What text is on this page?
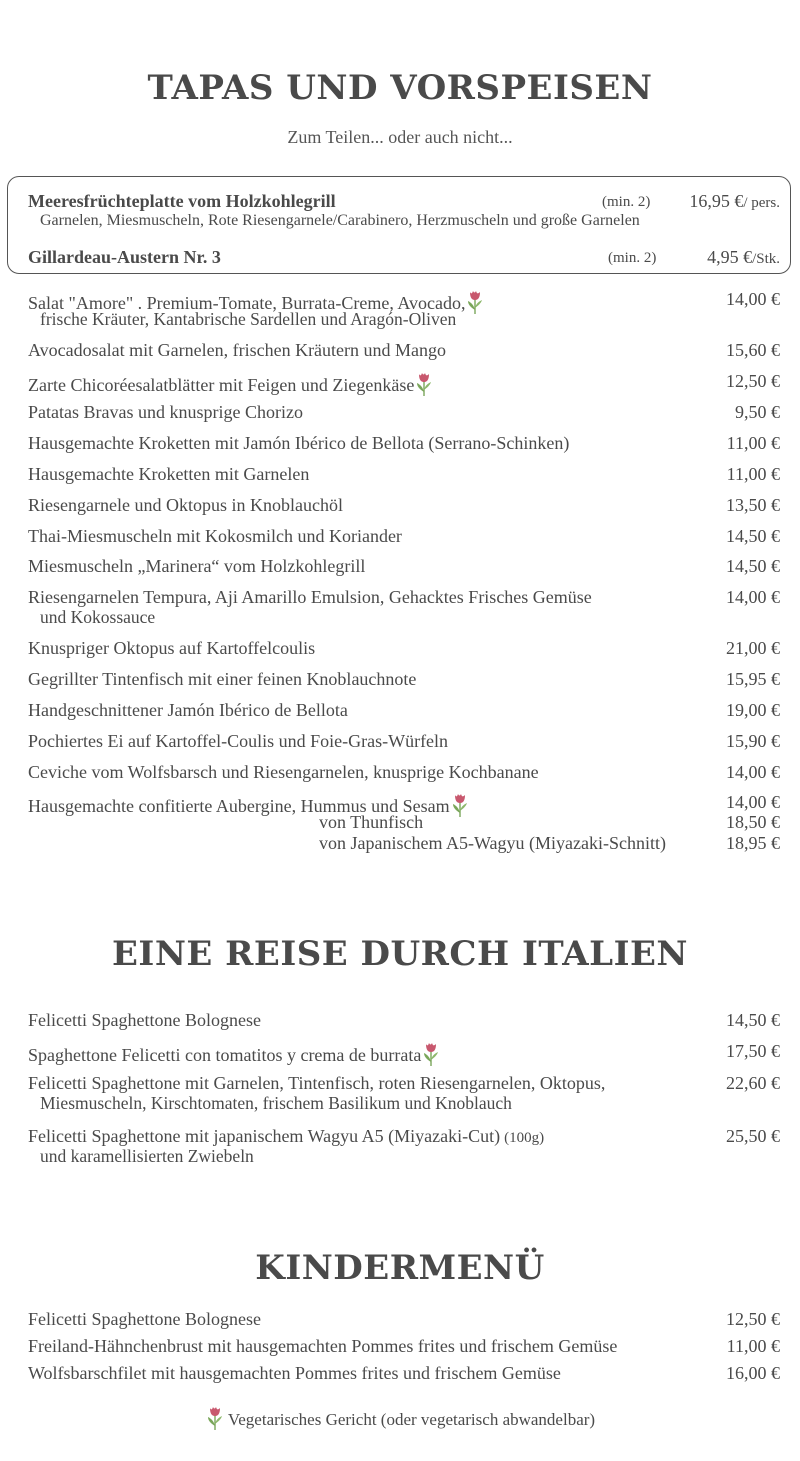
TAPAS UND VORSPEISEN
Zum Teilen... oder auch nicht...
Meeresfrüchteplatte vom Holzkohlegrill	(min. 2) 16,95 €/ pers.
Garnelen, Miesmuscheln, Rote Riesengarnele/Carabinero, Herzmuscheln und große Garnelen
Gillardeau-Austern Nr. 3	(min. 2)	4,95 €/Stk.
Salat "Amore" . Premium-Tomate, Burrata-Creme, Avocado,	14,00 €
frische Kräuter, Kantabrische Sardellen und Aragón-Oliven
Avocadosalat mit Garnelen, frischen Kräutern und Mango	15,60 €
Zarte Chicoréesalatblätter mit Feigen und Ziegenkäse	12,50 €
Patatas Bravas und knusprige Chorizo	9,50 €
Hausgemachte Kroketten mit Jamón Ibérico de Bellota (Serrano-Schinken)	11,00 €
Hausgemachte Kroketten mit Garnelen	11,00 €
Riesengarnele und Oktopus in Knoblauchöl	13,50 €
Thai-Miesmuscheln mit Kokosmilch und Koriander	14,50 €
Miesmuscheln „Marinera“ vom Holzkohlegrill	14,50 €
Riesengarnelen Tempura, Aji Amarillo Emulsion, Gehacktes Frisches Gemüse	14,00 €
und Kokossauce
Knuspriger Oktopus auf Kartoffelcoulis	21,00 €
Gegrillter Tintenfisch mit einer feinen Knoblauchnote	15,95 €
Handgeschnittener Jamón Ibérico de Bellota	19,00 €
Pochiertes Ei auf Kartoffel-Coulis und Foie-Gras-Würfeln	15,90 €
Ceviche vom Wolfsbarsch und Riesengarnelen, knusprige Kochbanane	14,00 €
Hausgemachte confitierte Aubergine, Hummus und Sesam	14,00 €
von Thunfisch	18,50 €
von Japanischem A5-Wagyu (Miyazaki-Schnitt)	18,95 €
EINE REISE DURCH ITALIEN
Felicetti Spaghettone Bolognese	14,50 €
Spaghettone Felicetti con tomatitos y crema de burrata	17,50 €
Felicetti Spaghettone mit Garnelen, Tintenfisch, roten Riesengarnelen, Oktopus,	22,60 €
Miesmuscheln, Kirschtomaten, frischem Basilikum und Knoblauch
Felicetti Spaghettone mit japanischem Wagyu A5 (Miyazaki-Cut) (100g)	25,50 €
und karamellisierten Zwiebeln
KINDERMENÜ
Felicetti Spaghettone Bolognese	12,50 €
Freiland-Hähnchenbrust mit hausgemachten Pommes frites und frischem Gemüse	11,00 €
Wolfsbarschfilet mit hausgemachten Pommes frites und frischem Gemüse	16,00 €
Vegetarisches Gericht (oder vegetarisch abwandelbar)
